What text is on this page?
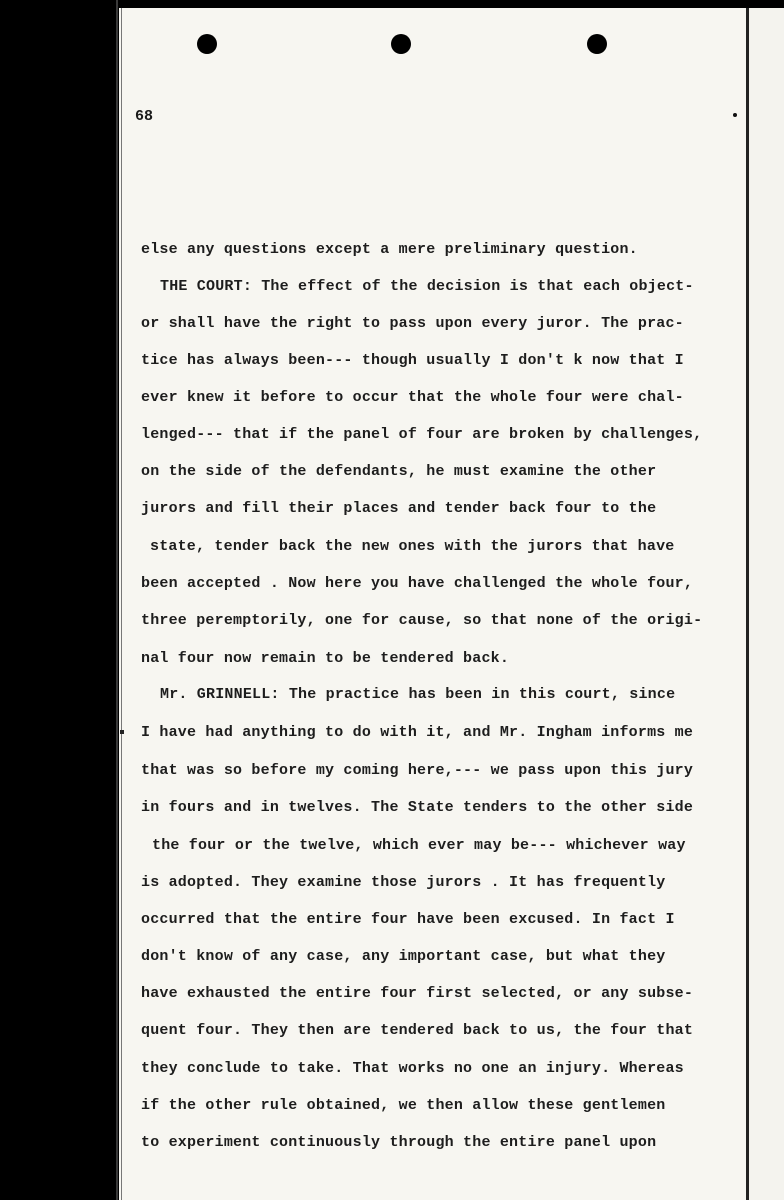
68
else any questions except a mere preliminary question.
THE COURT: The effect of the decision is that each object-
or shall have the right to pass upon every juror. The prac-
tice has always been--- though usually I don't k now that I
ever knew it before to occur that the whole four were chal-
lenged--- that if the panel of four are broken by challenges,
on the side of the defendants, he must examine the other
jurors and fill their places and tender back four to the
state, tender back the new ones with the jurors that have
been accepted . Now here you have challenged the whole four,
three peremptorily, one for cause, so that none of the origi-
nal four now remain to be tendered back.
Mr. GRINNELL: The practice has been in this court, since
I have had anything to do with it, and Mr. Ingham informs me
that was so before my coming here,--- we pass upon this jury
in fours and in twelves. The State tenders to the other side
the four or the twelve, which ever may be--- whichever way
is adopted. They examine those jurors . It has frequently
occurred that the entire four have been excused. In fact I
don't know of any case, any important case, but what they
have exhausted the entire four first selected, or any subse-
quent four. They then are tendered back to us, the four that
they conclude to take. That works no one an injury. Whereas
if the other rule obtained, we then allow these gentlemen
to experiment continuously through the entire panel upon
